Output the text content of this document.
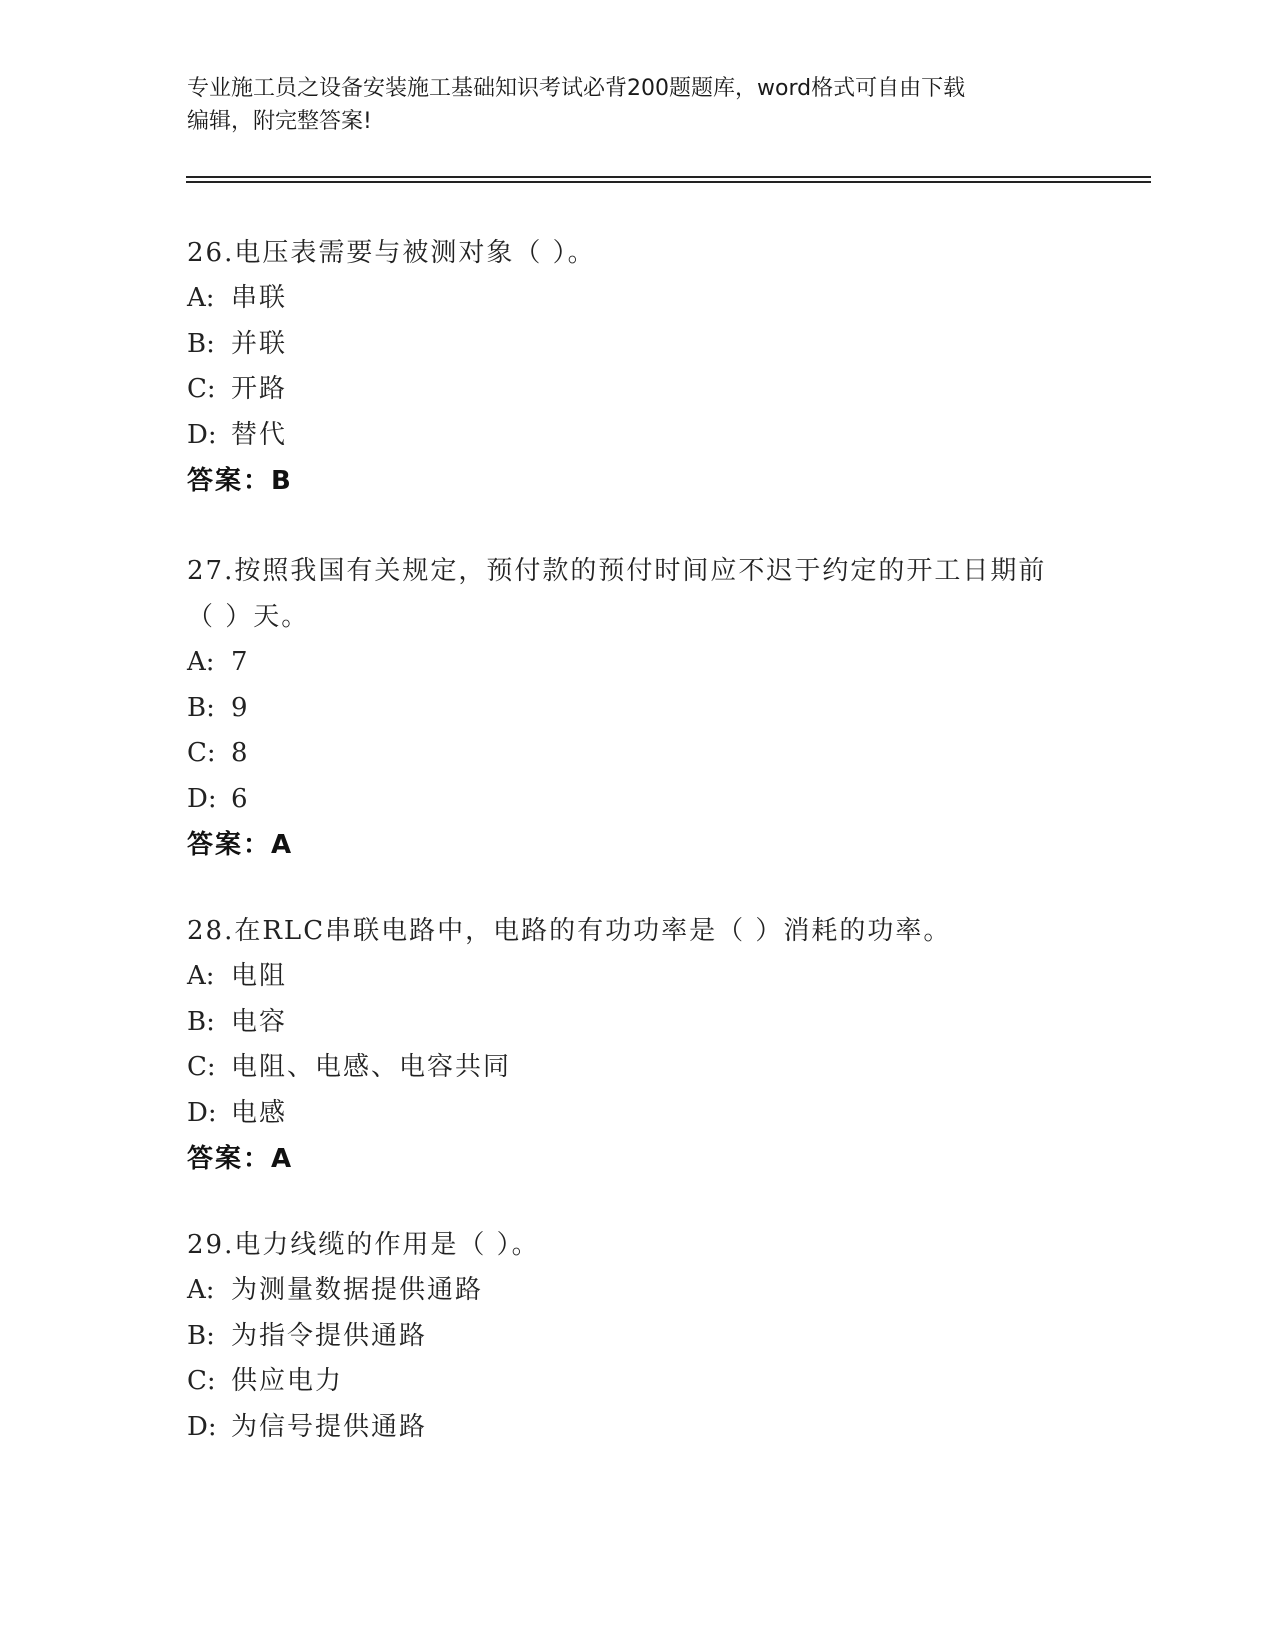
专业施工员之设备安装施工基础知识考试必背200题题库，word格式可自由下载
编辑，附完整答案!
26.电压表需要与被测对象（ ）。
A: 串联
B: 并联
C: 开路
D: 替代
答案：B
27.按照我国有关规定，预付款的预付时间应不迟于约定的开工日期前
（ ）天。
A: 7
B: 9
C: 8
D: 6
答案：A
28.在RLC串联电路中，电路的有功功率是（ ）消耗的功率。
A: 电阻
B: 电容
C: 电阻、电感、电容共同
D: 电感
答案：A
29.电力线缆的作用是（ ）。
A: 为测量数据提供通路
B: 为指令提供通路
C: 供应电力
D: 为信号提供通路
